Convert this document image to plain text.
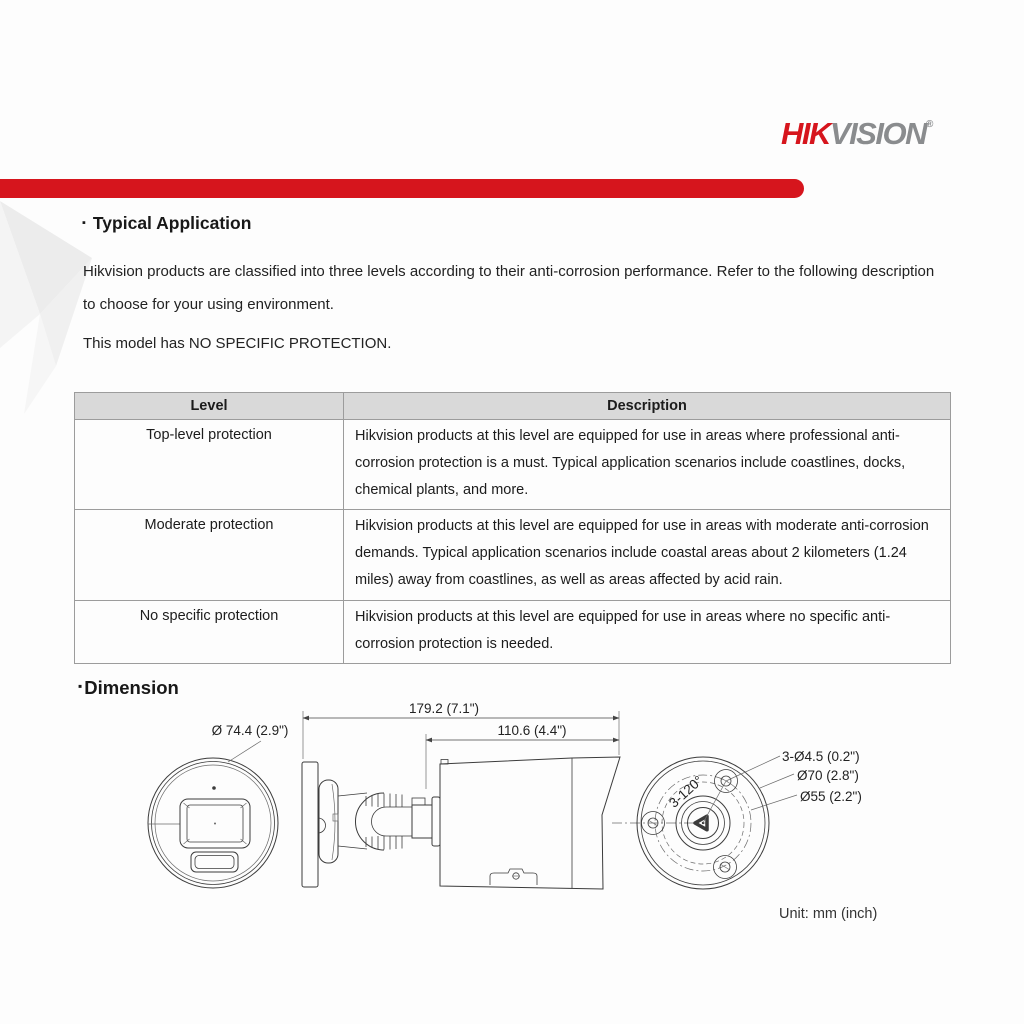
HIKVISION®
▪ Typical Application

Hikvision products are classified into three levels according to their anti-corrosion performance. Refer to the following description to choose for your using environment.

This model has NO SPECIFIC PROTECTION.

Level	Description
Top-level protection	Hikvision products at this level are equipped for use in areas where professional anti-corrosion protection is a must. Typical application scenarios include coastlines, docks, chemical plants, and more.
Moderate protection	Hikvision products at this level are equipped for use in areas with moderate anti-corrosion demands. Typical application scenarios include coastal areas about 2 kilometers (1.24 miles) away from coastlines, as well as areas affected by acid rain.
No specific protection	Hikvision products at this level are equipped for use in areas where no specific anti-corrosion protection is needed.
▪ Dimension
Ø 74.4 (2.9")
179.2 (7.1")
110.6 (4.4")
3-120°
3-Ø4.5 (0.2")
Ø70 (2.8")
Ø55 (2.2")
Unit: mm (inch)
